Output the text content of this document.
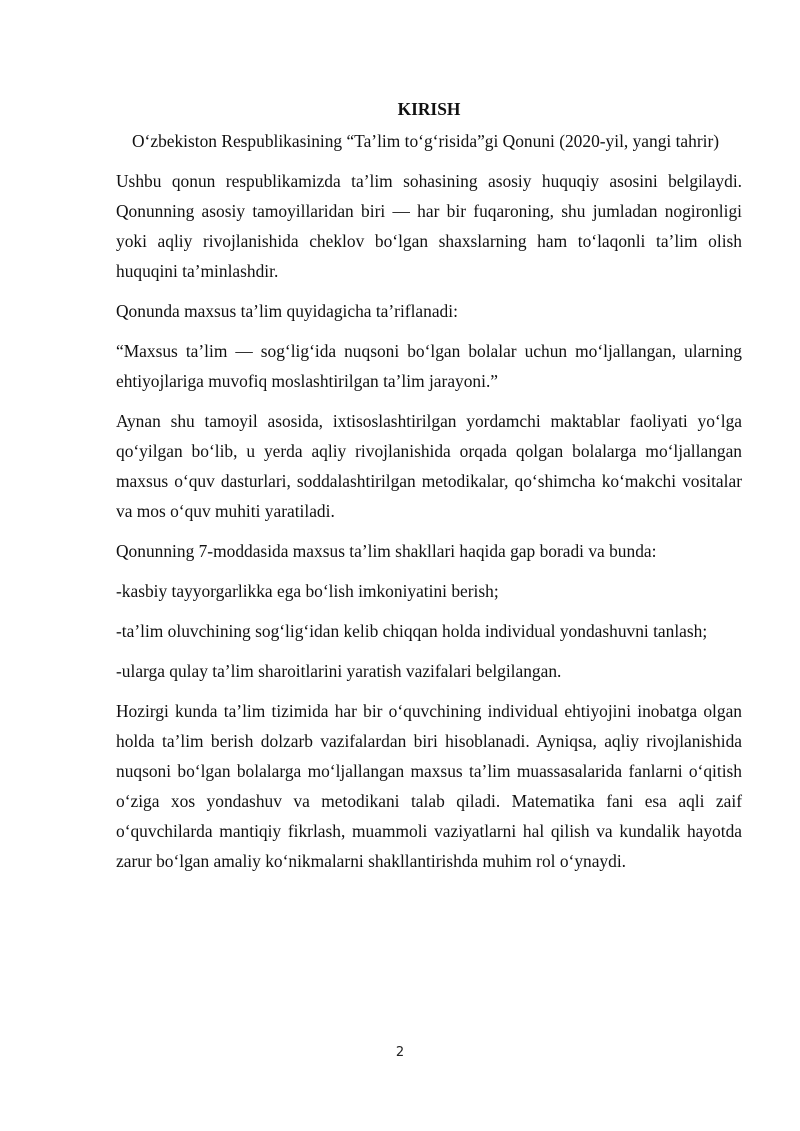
KIRISH

O‘zbekiston Respublikasining “Ta’lim to‘g‘risida”gi Qonuni (2020-yil, yangi tahrir)

Ushbu qonun respublikamizda ta’lim sohasining asosiy huquqiy asosini belgilaydi. Qonunning asosiy tamoyillaridan biri — har bir fuqaroning, shu jumladan nogironligi yoki aqliy rivojlanishida cheklov bo‘lgan shaxslarning ham to‘laqonli ta’lim olish huquqini ta’minlashdir.

Qonunda maxsus ta’lim quyidagicha ta’riflanadi:

“Maxsus ta’lim — sog‘lig‘ida nuqsoni bo‘lgan bolalar uchun mo‘ljallangan, ularning ehtiyojlariga muvofiq moslashtirilgan ta’lim jarayoni.”

Aynan shu tamoyil asosida, ixtisoslashtirilgan yordamchi maktablar faoliyati yo‘lga qo‘yilgan bo‘lib, u yerda aqliy rivojlanishida orqada qolgan bolalarga mo‘ljallangan maxsus o‘quv dasturlari, soddalashtirilgan metodikalar, qo‘shimcha ko‘makchi vositalar va mos o‘quv muhiti yaratiladi.

Qonunning 7-moddasida maxsus ta’lim shakllari haqida gap boradi va bunda:

-kasbiy tayyorgarlikka ega bo‘lish imkoniyatini berish;

-ta’lim oluvchining sog‘lig‘idan kelib chiqqan holda individual yondashuvni tanlash;

-ularga qulay ta’lim sharoitlarini yaratish vazifalari belgilangan.

Hozirgi kunda ta’lim tizimida har bir o‘quvchining individual ehtiyojini inobatga olgan holda ta’lim berish dolzarb vazifalardan biri hisoblanadi. Ayniqsa, aqliy rivojlanishida nuqsoni bo‘lgan bolalarga mo‘ljallangan maxsus ta’lim muassasalarida fanlarni o‘qitish o‘ziga xos yondashuv va metodikani talab qiladi. Matematika fani esa aqli zaif o‘quvchilarda mantiqiy fikrlash, muammoli vaziyatlarni hal qilish va kundalik hayotda zarur bo‘lgan amaliy ko‘nikmalarni shakllantirishda muhim rol o‘ynaydi.

2
